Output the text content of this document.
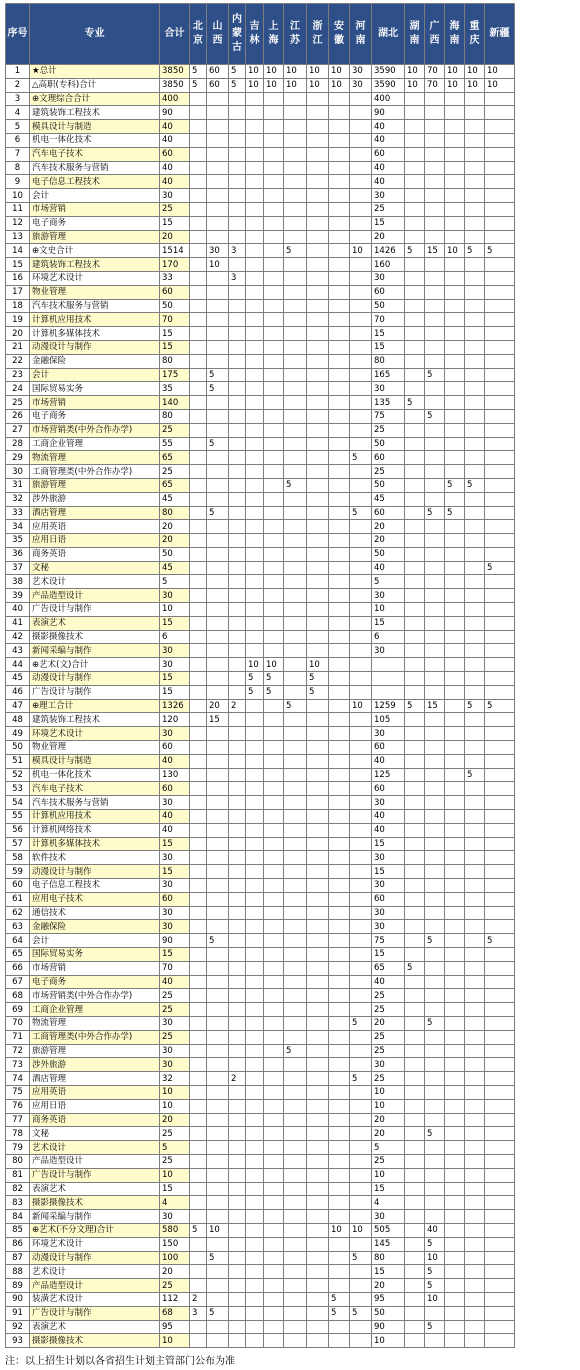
序号	专业	合计	北京	山西	内蒙古	吉林	上海	江苏	浙江	安徽	河南	湖北	湖南	广西	海南	重庆	新疆
1	★总计	3850	5	60	5	10	10	10	10	10	30	3590	10	70	10	10	10
2	△高职(专科)合计	3850	5	60	5	10	10	10	10	10	30	3590	10	70	10	10	10
3	⊕文理综合合计	400										400					
4	建筑装饰工程技术	90										90					
5	模具设计与制造	40										40					
6	机电一体化技术	40										40					
7	汽车电子技术	60										60					
8	汽车技术服务与营销	40										40					
9	电子信息工程技术	40										40					
10	会计	30										30					
11	市场营销	25										25					
12	电子商务	15										15					
13	旅游管理	20										20					
14	⊕文史合计	1514		30	3			5			10	1426	5	15	10	5	5
15	建筑装饰工程技术	170		10								160					
16	环境艺术设计	33			3							30					
17	物业管理	60										60					
18	汽车技术服务与营销	50										50					
19	计算机应用技术	70										70					
20	计算机多媒体技术	15										15					
21	动漫设计与制作	15										15					
22	金融保险	80										80					
23	会计	175		5								165		5			
24	国际贸易实务	35		5								30					
25	市场营销	140										135	5				
26	电子商务	80										75		5			
27	市场营销类(中外合作办学)	25										25					
28	工商企业管理	55		5								50					
29	物流管理	65									5	60					
30	工商管理类(中外合作办学)	25										25					
31	旅游管理	65						5				50			5	5	
32	涉外旅游	45										45					
33	酒店管理	80		5							5	60		5	5		
34	应用英语	20										20					
35	应用日语	20										20					
36	商务英语	50										50					
37	文秘	45										40					5
38	艺术设计	5										5					
39	产品造型设计	30										30					
40	广告设计与制作	10										10					
41	表演艺术	15										15					
42	摄影摄像技术	6										6					
43	新闻采编与制作	30										30					
44	⊕艺术(文)合计	30				10	10		10								
45	动漫设计与制作	15				5	5		5								
46	广告设计与制作	15				5	5		5								
47	⊕理工合计	1326		20	2			5			10	1259	5	15		5	5
48	建筑装饰工程技术	120		15								105					
49	环境艺术设计	30										30					
50	物业管理	60										60					
51	模具设计与制造	40										40					
52	机电一体化技术	130										125				5	
53	汽车电子技术	60										60					
54	汽车技术服务与营销	30										30					
55	计算机应用技术	40										40					
56	计算机网络技术	40										40					
57	计算机多媒体技术	15										15					
58	软件技术	30										30					
59	动漫设计与制作	15										15					
60	电子信息工程技术	30										30					
61	应用电子技术	60										60					
62	通信技术	30										30					
63	金融保险	30										30					
64	会计	90		5								75		5			5
65	国际贸易实务	15										15					
66	市场营销	70										65	5				
67	电子商务	40										40					
68	市场营销类(中外合作办学)	25										25					
69	工商企业管理	25										25					
70	物流管理	30									5	20		5			
71	工商管理类(中外合作办学)	25										25					
72	旅游管理	30						5				25					
73	涉外旅游	30										30					
74	酒店管理	32			2						5	25					
75	应用英语	10										10					
76	应用日语	10										10					
77	商务英语	20										20					
78	文秘	25										20		5			
79	艺术设计	5										5					
80	产品造型设计	25										25					
81	广告设计与制作	10										10					
82	表演艺术	15										15					
83	摄影摄像技术	4										4					
84	新闻采编与制作	30										30					
85	⊕艺术(不分文理)合计	580	5	10						10	10	505		40			
86	环境艺术设计	150										145		5			
87	动漫设计与制作	100		5							5	80		10			
88	艺术设计	20										15		5			
89	产品造型设计	25										20		5			
90	装潢艺术设计	112	2							5		95		10			
91	广告设计与制作	68	3	5						5	5	50					
92	表演艺术	95										90		5			
93	摄影摄像技术	10										10					
注：以上招生计划以各省招生计划主管部门公布为准
